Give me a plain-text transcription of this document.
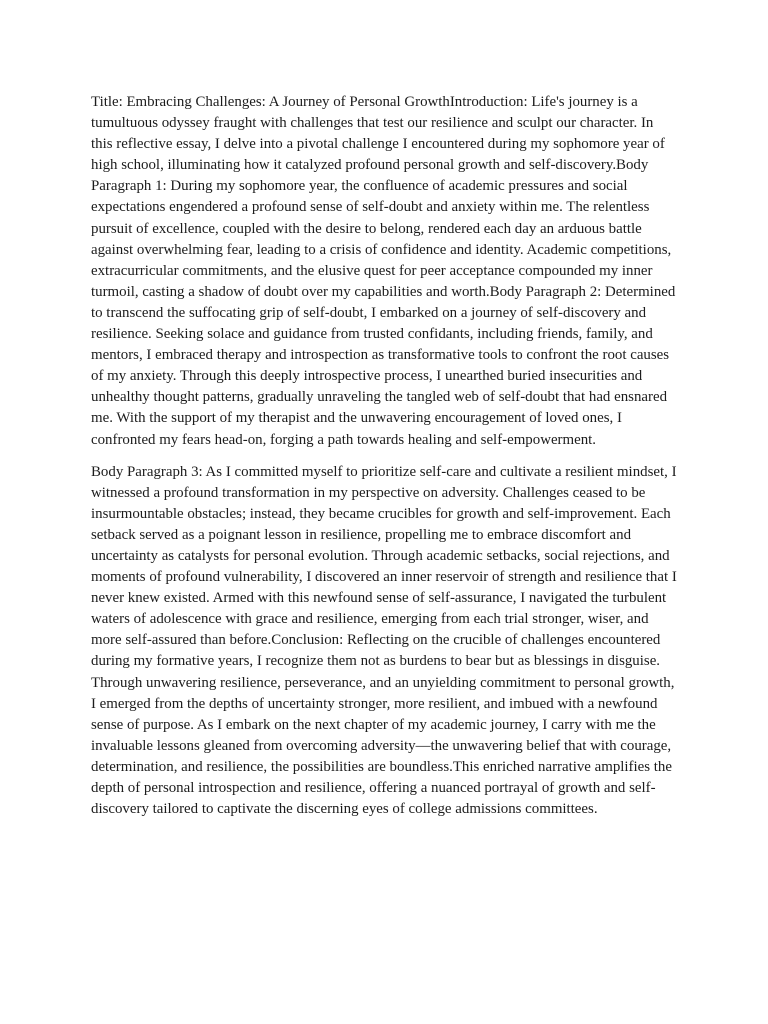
Title: Embracing Challenges: A Journey of Personal GrowthIntroduction: Life's journey is a tumultuous odyssey fraught with challenges that test our resilience and sculpt our character. In this reflective essay, I delve into a pivotal challenge I encountered during my sophomore year of high school, illuminating how it catalyzed profound personal growth and self-discovery.Body Paragraph 1: During my sophomore year, the confluence of academic pressures and social expectations engendered a profound sense of self-doubt and anxiety within me. The relentless pursuit of excellence, coupled with the desire to belong, rendered each day an arduous battle against overwhelming fear, leading to a crisis of confidence and identity. Academic competitions, extracurricular commitments, and the elusive quest for peer acceptance compounded my inner turmoil, casting a shadow of doubt over my capabilities and worth.Body Paragraph 2: Determined to transcend the suffocating grip of self-doubt, I embarked on a journey of self-discovery and resilience. Seeking solace and guidance from trusted confidants, including friends, family, and mentors, I embraced therapy and introspection as transformative tools to confront the root causes of my anxiety. Through this deeply introspective process, I unearthed buried insecurities and unhealthy thought patterns, gradually unraveling the tangled web of self-doubt that had ensnared me. With the support of my therapist and the unwavering encouragement of loved ones, I confronted my fears head-on, forging a path towards healing and self-empowerment.

Body Paragraph 3: As I committed myself to prioritize self-care and cultivate a resilient mindset, I witnessed a profound transformation in my perspective on adversity. Challenges ceased to be insurmountable obstacles; instead, they became crucibles for growth and self-improvement. Each setback served as a poignant lesson in resilience, propelling me to embrace discomfort and uncertainty as catalysts for personal evolution. Through academic setbacks, social rejections, and moments of profound vulnerability, I discovered an inner reservoir of strength and resilience that I never knew existed. Armed with this newfound sense of self-assurance, I navigated the turbulent waters of adolescence with grace and resilience, emerging from each trial stronger, wiser, and more self-assured than before.Conclusion: Reflecting on the crucible of challenges encountered during my formative years, I recognize them not as burdens to bear but as blessings in disguise. Through unwavering resilience, perseverance, and an unyielding commitment to personal growth, I emerged from the depths of uncertainty stronger, more resilient, and imbued with a newfound sense of purpose. As I embark on the next chapter of my academic journey, I carry with me the invaluable lessons gleaned from overcoming adversity—the unwavering belief that with courage, determination, and resilience, the possibilities are boundless.This enriched narrative amplifies the depth of personal introspection and resilience, offering a nuanced portrayal of growth and self-discovery tailored to captivate the discerning eyes of college admissions committees.
